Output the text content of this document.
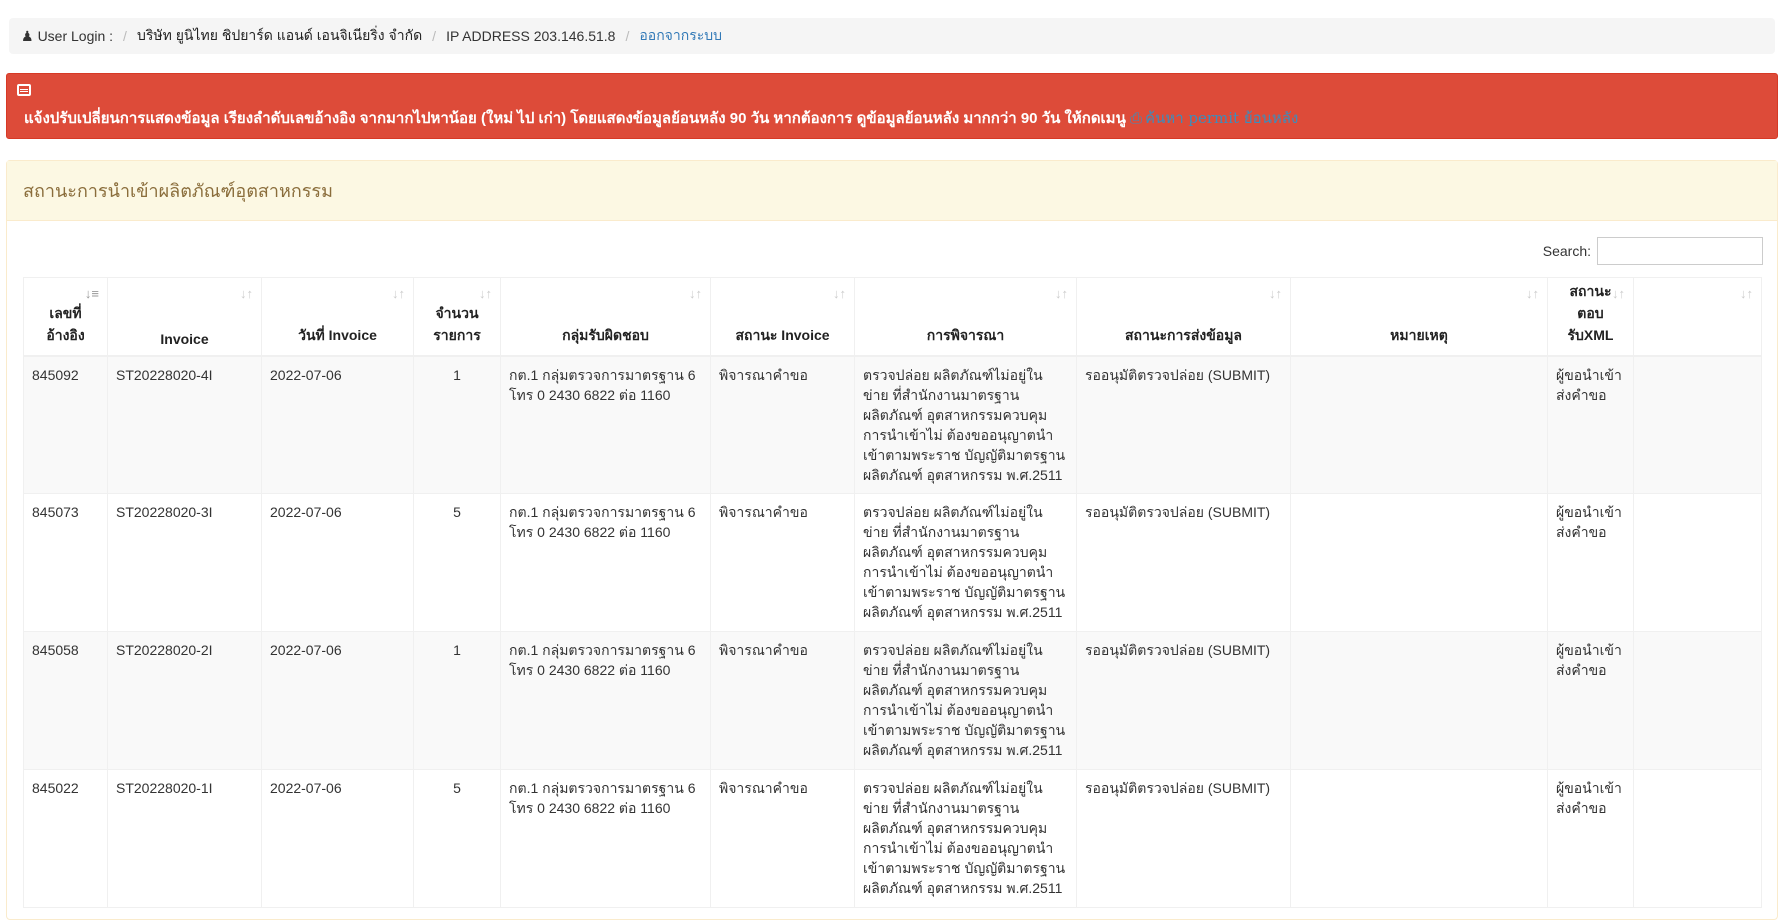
♟ User Login : / บริษัท ยูนิไทย ชิปยาร์ด แอนด์ เอนจิเนียริ่ง จำกัด / IP ADDRESS 203.146.51.8 / ออกจากระบบ
แจ้งปรับเปลี่ยนการแสดงข้อมูล เรียงลำดับเลขอ้างอิง จากมากไปหาน้อย (ใหม่ ไป เก่า) โดยแสดงข้อมูลย้อนหลัง 90 วัน หากต้องการ ดูข้อมูลย้อนหลัง มากกว่า 90 วัน ให้กดเมนู ⎙ ค้นหา permit ย้อนหลัง
สถานะการนำเข้าผลิตภัณฑ์อุตสาหกรรม
Search:
↓≡
เลขที่ อ้างอิง	↓↑
Invoice	↓↑
วันที่ Invoice	↓↑
จำนวน รายการ	↓↑
กลุ่มรับผิดชอบ	↓↑
สถานะ Invoice	↓↑
การพิจารณา	↓↑
สถานะการส่งข้อมูล	↓↑
หมายเหตุ	↓↑
สถานะ ตอบ รับXML	↓↑

845092	ST20228020-4I	2022-07-06	1	กต.1 กลุ่มตรวจการมาตรฐาน 6 โทร 0 2430 6822 ต่อ 1160	พิจารณาคำขอ	ตรวจปล่อย ผลิตภัณฑ์ไม่อยู่ในข่าย ที่สำนักงานมาตรฐานผลิตภัณฑ์ อุตสาหกรรมควบคุม การนำเข้าไม่ ต้องขออนุญาตนำเข้าตามพระราช บัญญัติมาตรฐานผลิตภัณฑ์ อุตสาหกรรม พ.ศ.2511	รออนุมัติตรวจปล่อย (SUBMIT)		ผู้ขอนำเข้า ส่งคำขอ	
845073	ST20228020-3I	2022-07-06	5	กต.1 กลุ่มตรวจการมาตรฐาน 6 โทร 0 2430 6822 ต่อ 1160	พิจารณาคำขอ	ตรวจปล่อย ผลิตภัณฑ์ไม่อยู่ในข่าย ที่สำนักงานมาตรฐานผลิตภัณฑ์ อุตสาหกรรมควบคุม การนำเข้าไม่ ต้องขออนุญาตนำเข้าตามพระราช บัญญัติมาตรฐานผลิตภัณฑ์ อุตสาหกรรม พ.ศ.2511	รออนุมัติตรวจปล่อย (SUBMIT)		ผู้ขอนำเข้า ส่งคำขอ	
845058	ST20228020-2I	2022-07-06	1	กต.1 กลุ่มตรวจการมาตรฐาน 6 โทร 0 2430 6822 ต่อ 1160	พิจารณาคำขอ	ตรวจปล่อย ผลิตภัณฑ์ไม่อยู่ในข่าย ที่สำนักงานมาตรฐานผลิตภัณฑ์ อุตสาหกรรมควบคุม การนำเข้าไม่ ต้องขออนุญาตนำเข้าตามพระราช บัญญัติมาตรฐานผลิตภัณฑ์ อุตสาหกรรม พ.ศ.2511	รออนุมัติตรวจปล่อย (SUBMIT)		ผู้ขอนำเข้า ส่งคำขอ	
845022	ST20228020-1I	2022-07-06	5	กต.1 กลุ่มตรวจการมาตรฐาน 6 โทร 0 2430 6822 ต่อ 1160	พิจารณาคำขอ	ตรวจปล่อย ผลิตภัณฑ์ไม่อยู่ในข่าย ที่สำนักงานมาตรฐานผลิตภัณฑ์ อุตสาหกรรมควบคุม การนำเข้าไม่ ต้องขออนุญาตนำเข้าตามพระราช บัญญัติมาตรฐานผลิตภัณฑ์ อุตสาหกรรม พ.ศ.2511	รออนุมัติตรวจปล่อย (SUBMIT)		ผู้ขอนำเข้า ส่งคำขอ	
